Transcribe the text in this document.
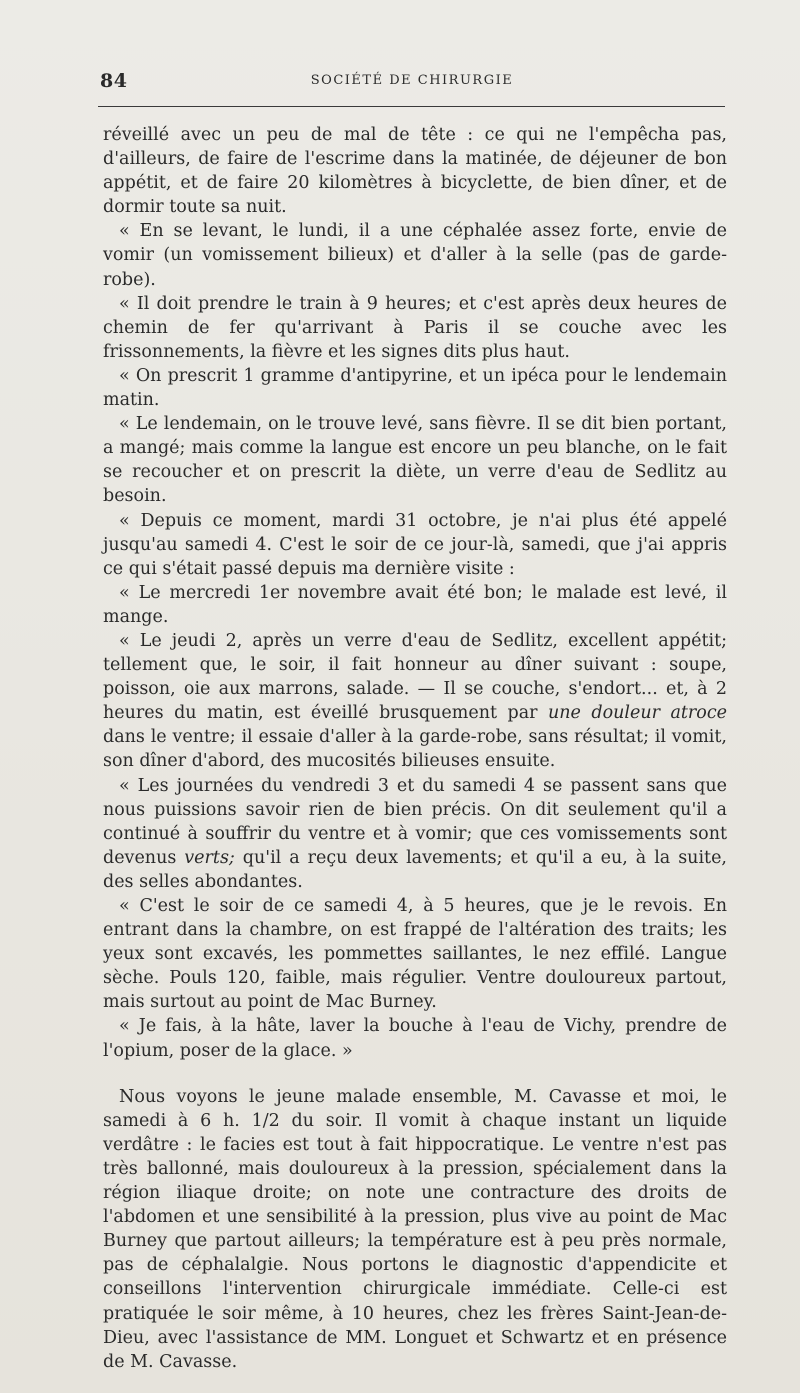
84	SOCIÉTÉ DE CHIRURGIE

réveillé avec un peu de mal de tête : ce qui ne l'empêcha pas, d'ailleurs, de faire de l'escrime dans la matinée, de déjeuner de bon appétit, et de faire 20 kilomètres à bicyclette, de bien dîner, et de dormir toute sa nuit.

« En se levant, le lundi, il a une céphalée assez forte, envie de vomir (un vomissement bilieux) et d'aller à la selle (pas de garde-robe).

« Il doit prendre le train à 9 heures; et c'est après deux heures de chemin de fer qu'arrivant à Paris il se couche avec les frissonnements, la fièvre et les signes dits plus haut.

« On prescrit 1 gramme d'antipyrine, et un ipéca pour le lendemain matin.

« Le lendemain, on le trouve levé, sans fièvre. Il se dit bien portant, a mangé; mais comme la langue est encore un peu blanche, on le fait se recoucher et on prescrit la diète, un verre d'eau de Sedlitz au besoin.

« Depuis ce moment, mardi 31 octobre, je n'ai plus été appelé jusqu'au samedi 4. C'est le soir de ce jour-là, samedi, que j'ai appris ce qui s'était passé depuis ma dernière visite :

« Le mercredi 1er novembre avait été bon; le malade est levé, il mange.

« Le jeudi 2, après un verre d'eau de Sedlitz, excellent appétit; tellement que, le soir, il fait honneur au dîner suivant : soupe, poisson, oie aux marrons, salade. — Il se couche, s'endort... et, à 2 heures du matin, est éveillé brusquement par une douleur atroce dans le ventre; il essaie d'aller à la garde-robe, sans résultat; il vomit, son dîner d'abord, des mucosités bilieuses ensuite.

« Les journées du vendredi 3 et du samedi 4 se passent sans que nous puissions savoir rien de bien précis. On dit seulement qu'il a continué à souffrir du ventre et à vomir; que ces vomissements sont devenus verts; qu'il a reçu deux lavements; et qu'il a eu, à la suite, des selles abondantes.

« C'est le soir de ce samedi 4, à 5 heures, que je le revois. En entrant dans la chambre, on est frappé de l'altération des traits; les yeux sont excavés, les pommettes saillantes, le nez effilé. Langue sèche. Pouls 120, faible, mais régulier. Ventre douloureux partout, mais surtout au point de Mac Burney.

« Je fais, à la hâte, laver la bouche à l'eau de Vichy, prendre de l'opium, poser de la glace. »

Nous voyons le jeune malade ensemble, M. Cavasse et moi, le samedi à 6 h. 1/2 du soir. Il vomit à chaque instant un liquide verdâtre : le facies est tout à fait hippocratique. Le ventre n'est pas très ballonné, mais douloureux à la pression, spécialement dans la région iliaque droite; on note une contracture des droits de l'abdomen et une sensibilité à la pression, plus vive au point de Mac Burney que partout ailleurs; la température est à peu près normale, pas de céphalalgie. Nous portons le diagnostic d'appendicite et conseillons l'intervention chirurgicale immédiate. Celle-ci est pratiquée le soir même, à 10 heures, chez les frères Saint-Jean-de-Dieu, avec l'assistance de MM. Longuet et Schwartz et en présence de M. Cavasse.
